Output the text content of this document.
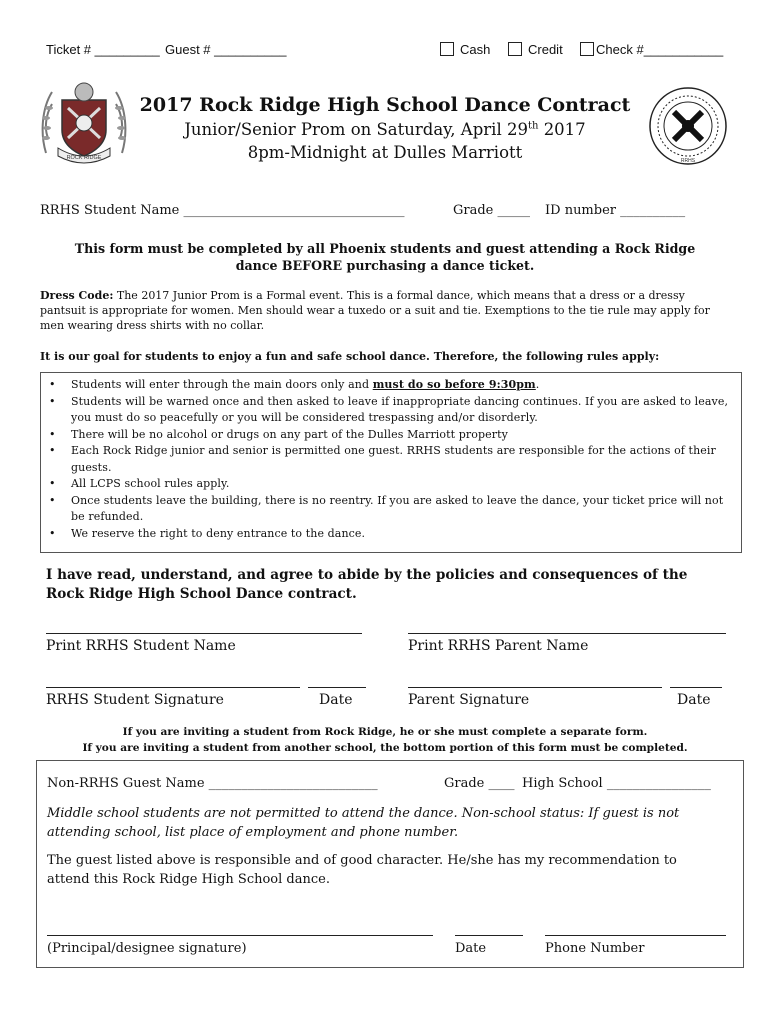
Ticket # _________ Guest # __________	Cash	Credit	Check #___________
ROCK RIDGE	RRHS
2017 Rock Ridge High School Dance Contract
Junior/Senior Prom on Saturday, April 29th 2017
8pm-Midnight at Dulles Marriott
RRHS Student Name __________________________________	Grade _____ ID number __________
This form must be completed by all Phoenix students and guest attending a Rock Ridge
dance BEFORE purchasing a dance ticket.
Dress Code: The 2017 Junior Prom is a Formal event. This is a formal dance, which means that a dress or a dressy pantsuit is appropriate for women. Men should wear a tuxedo or a suit and tie. Exemptions to the tie rule may apply for men wearing dress shirts with no collar.
It is our goal for students to enjoy a fun and safe school dance. Therefore, the following rules apply:
• Students will enter through the main doors only and must do so before 9:30pm.
• Students will be warned once and then asked to leave if inappropriate dancing continues. If you are asked to leave, you must do so peacefully or you will be considered trespassing and/or disorderly.
• There will be no alcohol or drugs on any part of the Dulles Marriott property
• Each Rock Ridge junior and senior is permitted one guest. RRHS students are responsible for the actions of their guests.
• All LCPS school rules apply.
• Once students leave the building, there is no reentry. If you are asked to leave the dance, your ticket price will not be refunded.
• We reserve the right to deny entrance to the dance.
I have read, understand, and agree to abide by the policies and consequences of the
Rock Ridge High School Dance contract.
Print RRHS Student Name	Print RRHS Parent Name
RRHS Student Signature	Date	Parent Signature	Date
If you are inviting a student from Rock Ridge, he or she must complete a separate form.
If you are inviting a student from another school, the bottom portion of this form must be completed.
Non-RRHS Guest Name __________________________	Grade ____ High School ________________
Middle school students are not permitted to attend the dance. Non-school status: If guest is not
attending school, list place of employment and phone number.
The guest listed above is responsible and of good character. He/she has my recommendation to
attend this Rock Ridge High School dance.
(Principal/designee signature)	Date	Phone Number
